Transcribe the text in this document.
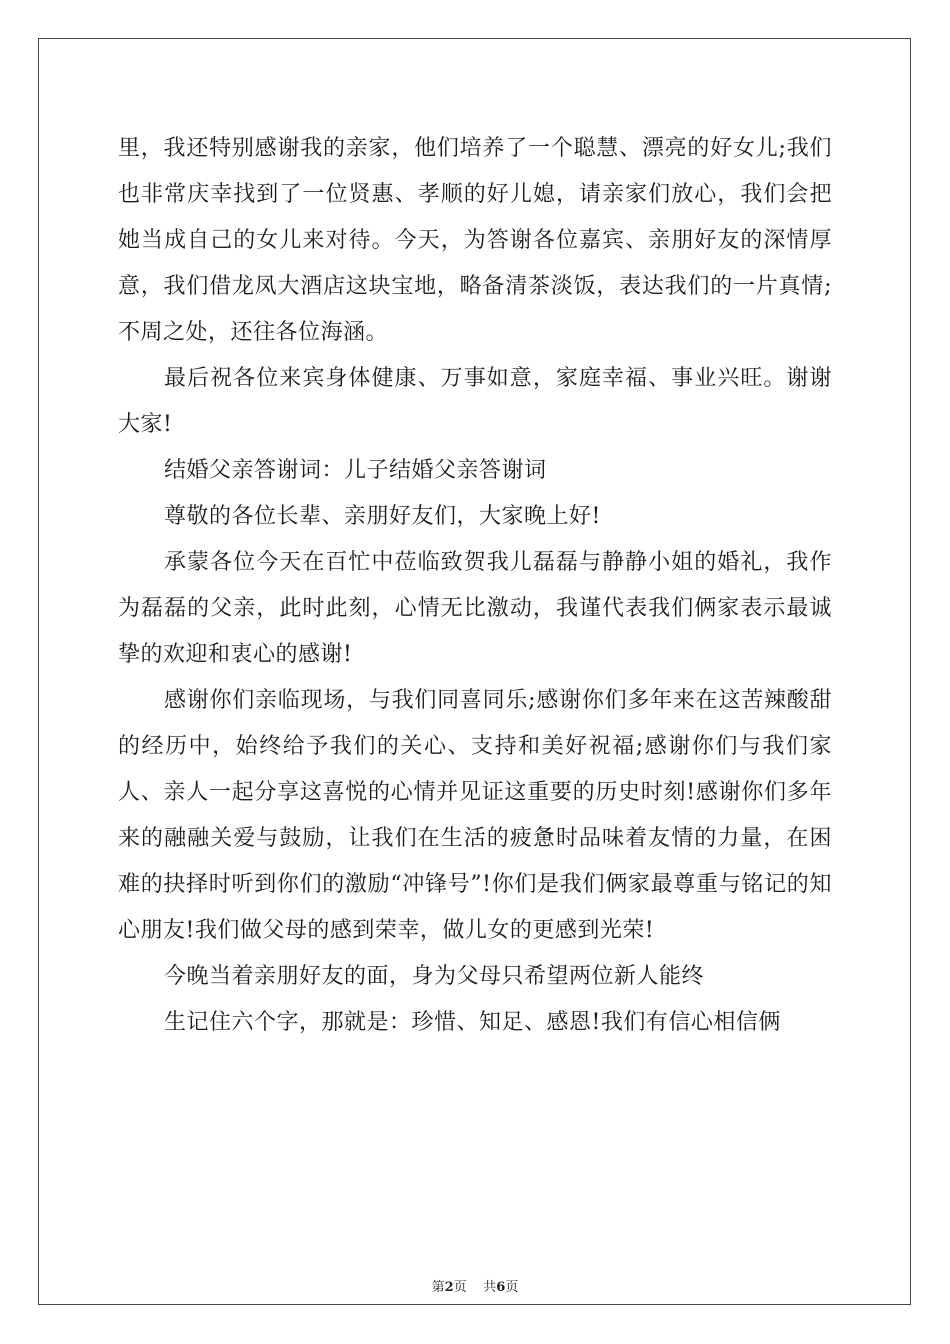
里，我还特别感谢我的亲家，他们培养了一个聪慧、漂亮的好女儿;我们也非常庆幸找到了一位贤惠、孝顺的好儿媳，请亲家们放心，我们会把她当成自己的女儿来对待。今天，为答谢各位嘉宾、亲朋好友的深情厚意，我们借龙凤大酒店这块宝地，略备清茶淡饭，表达我们的一片真情;不周之处，还往各位海涵。

最后祝各位来宾身体健康、万事如意，家庭幸福、事业兴旺。谢谢大家!

结婚父亲答谢词：儿子结婚父亲答谢词

尊敬的各位长辈、亲朋好友们，大家晚上好!

承蒙各位今天在百忙中莅临致贺我儿磊磊与静静小姐的婚礼，我作为磊磊的父亲，此时此刻，心情无比激动，我谨代表我们俩家表示最诚挚的欢迎和衷心的感谢!

感谢你们亲临现场，与我们同喜同乐;感谢你们多年来在这苦辣酸甜的经历中，始终给予我们的关心、支持和美好祝福;感谢你们与我们家人、亲人一起分享这喜悦的心情并见证这重要的历史时刻!感谢你们多年来的融融关爱与鼓励，让我们在生活的疲惫时品味着友情的力量，在困难的抉择时听到你们的激励“冲锋号”!你们是我们俩家最尊重与铭记的知心朋友!我们做父母的感到荣幸，做儿女的更感到光荣!

今晚当着亲朋好友的面，身为父母只希望两位新人能终

生记住六个字，那就是：珍惜、知足、感恩!我们有信心相信俩

第2页 共6页
